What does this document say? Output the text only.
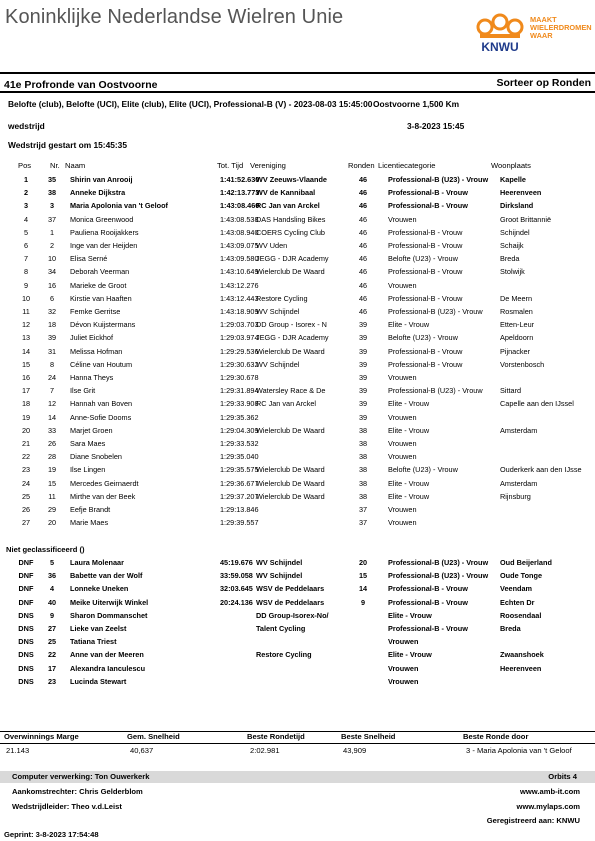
Koninklijke Nederlandse Wielren Unie
KNWU
MAAKT
WIELERDROMEN
WAAR
41e Profronde van Oostvoorne	Sorteer op Ronden
Belofte (club), Belofte (UCI), Elite (club), Elite (UCI), Professional-B (V) - 2023-08-03 15:45:00 Oostvoorne 1,500 Km
wedstrijd	3-8-2023 15:45
Wedstrijd gestart om 15:45:35
Pos Nr. Naam	Tot. Tijd Vereniging	Ronden Licentiecategorie	Woonplaats
	1	35		Shirin van Anrooij	1:41:52.630			WV Zeeuws-Vlaande	46		Professional-B (U23) - Vrouw	Kapelle
	2	38		Anneke Dijkstra	1:42:13.773			WV de Kannibaal	46		Professional-B - Vrouw	Heerenveen
	3	3		Maria Apolonia van 't Geloof	1:43:08.460			RC Jan van Arckel	46		Professional-B - Vrouw	Dirksland
	4	37		Monica Greenwood	1:43:08.538			DAS Handsling Bikes	46		Vrouwen	Groot Brittannië
	5	1		Pauliena Rooijakkers	1:43:08.940			COERS Cycling Club	46		Professional-B - Vrouw	Schijndel
	6	2		Inge van der Heijden	1:43:09.075			WV Uden	46		Professional-B - Vrouw	Schaijk
	7	10		Elisa Serné	1:43:09.580			JEGG - DJR Academy	46		Belofte (U23) - Vrouw	Breda
	8	34		Deborah Veerman	1:43:10.649			Wielerclub De Waard	46		Professional-B - Vrouw	Stolwijk
	9	16		Marieke de Groot	1:43:12.276				46		Vrouwen	
	10	6		Kirstie van Haaften	1:43:12.443			Restore Cycling	46		Professional-B - Vrouw	De Meern
	11	32		Femke Gerritse	1:43:18.909			WV Schijndel	46		Professional-B (U23) - Vrouw	Rosmalen
	12	18		Dévon Kuijstermans	1:29:03.703			DD Group - Isorex - N	39		Elite - Vrouw	Etten-Leur
	13	39		Juliet Eickhof	1:29:03.974			JEGG - DJR Academy	39		Belofte (U23) - Vrouw	Apeldoorn
	14	31		Melissa Hofman	1:29:29.536			Wielerclub De Waard	39		Professional-B - Vrouw	Pijnacker
	15	8		Céline van Houtum	1:29:30.632			WV Schijndel	39		Professional-B - Vrouw	Vorstenbosch
	16	24		Hanna Theys	1:29:30.678				39		Vrouwen	
	17	7		Ilse Grit	1:29:31.894			Watersley Race & De	39		Professional-B (U23) - Vrouw	Sittard
	18	12		Hannah van Boven	1:29:33.908			RC Jan van Arckel	39		Elite - Vrouw	Capelle aan den IJssel
	19	14		Anne-Sofie Dooms	1:29:35.362				39		Vrouwen	
	20	33		Marjet Groen	1:29:04.309			Wielerclub De Waard	38		Elite - Vrouw	Amsterdam
	21	26		Sara Maes	1:29:33.532				38		Vrouwen	
	22	28		Diane Snobelen	1:29:35.040				38		Vrouwen	
	23	19		Ilse Lingen	1:29:35.575			Wielerclub De Waard	38		Belofte (U23) - Vrouw	Ouderkerk aan den IJsse
	24	15		Mercedes Geirnaerdt	1:29:36.677			Wielerclub De Waard	38		Elite - Vrouw	Amsterdam
	25	11		Mirthe van der Beek	1:29:37.207			Wielerclub De Waard	38		Elite - Vrouw	Rijnsburg
	26	29		Eefje Brandt	1:29:13.846				37		Vrouwen	
	27	20		Marie Maes	1:29:39.557				37		Vrouwen	
Niet geclassificeerd ()
	DNF	5		Laura Molenaar	45:19.676			WV Schijndel	20		Professional-B (U23) - Vrouw	Oud Beijerland
	DNF	36		Babette van der Wolf	33:59.058			WV Schijndel	15		Professional-B (U23) - Vrouw	Oude Tonge
	DNF	4		Lonneke Uneken	32:03.645			WSV de Peddelaars	14		Professional-B - Vrouw	Veendam
	DNF	40		Meike Uiterwijk Winkel	20:24.136			WSV de Peddelaars	9		Professional-B - Vrouw	Echten Dr
	DNS	9		Sharon Dommanschet				DD Group-Isorex-No/			Elite - Vrouw	Roosendaal
	DNS	27		Lieke van Zeelst				Talent Cycling			Professional-B - Vrouw	Breda
	DNS	25		Tatiana Triest							Vrouwen	
	DNS	22		Anne van der Meeren				Restore Cycling			Elite - Vrouw	Zwaanshoek
	DNS	17		Alexandra Ianculescu							Vrouwen	Heerenveen
	DNS	23		Lucinda Stewart							Vrouwen	
Overwinnings Marge	Gem. Snelheid	Beste Rondetijd	Beste Snelheid	Beste Ronde door
21.143	40,637	2:02.981	43,909	3 - Maria Apolonia van 't Geloof
Computer verwerking: Ton Ouwerkerk	Orbits 4
Aankomstrechter: Chris Gelderblom	www.amb-it.com
Wedstrijdleider: Theo v.d.Leist	www.mylaps.com
Geregistreerd aan: KNWU
Geprint: 3-8-2023 17:54:48
